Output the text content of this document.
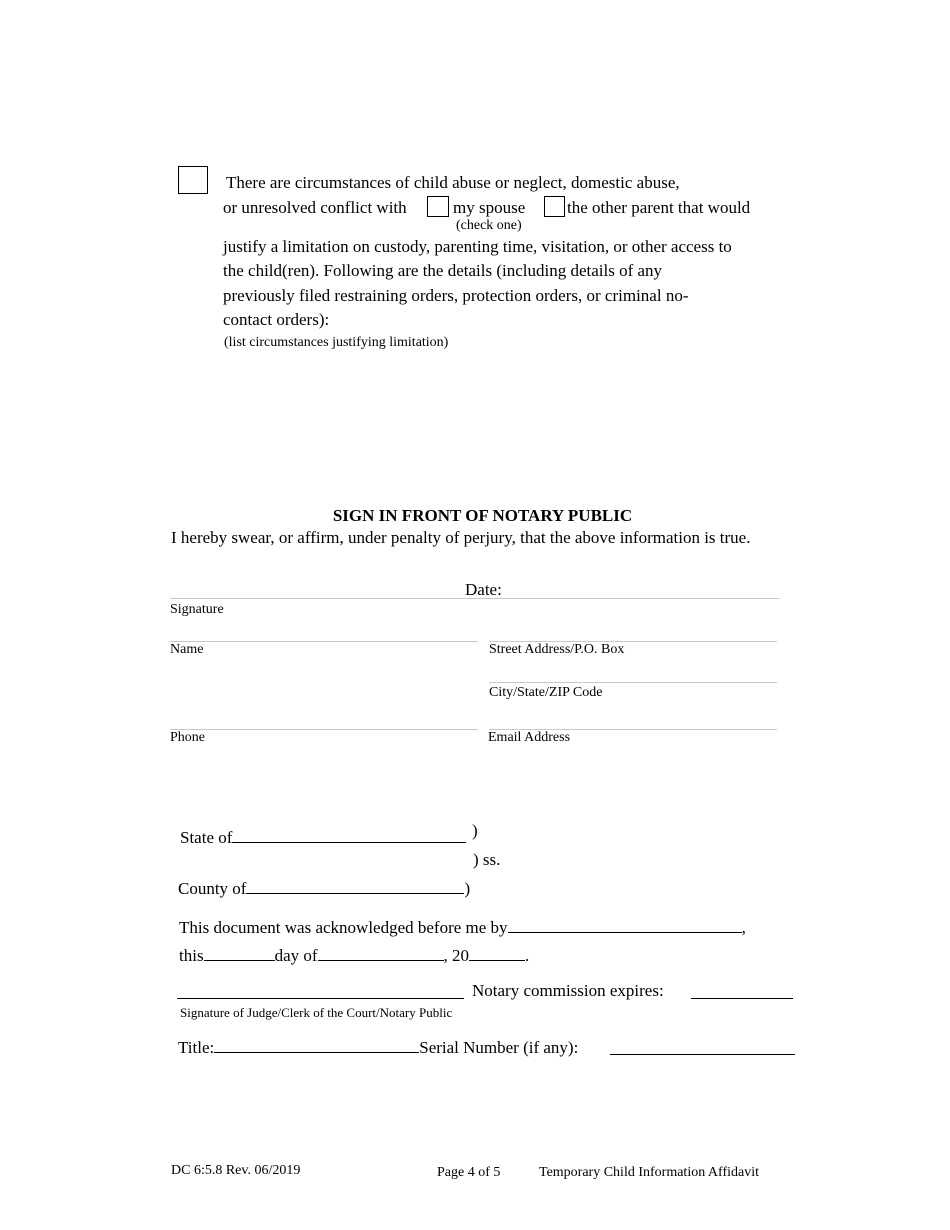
There are circumstances of child abuse or neglect, domestic abuse,
or unresolved conflict with	my spouse the other parent that would
(check one)
justify a limitation on custody, parenting time, visitation, or other access to
the child(ren). Following are the details (including details of any
previously filed restraining orders, protection orders, or criminal no-
contact orders):
(list circumstances justifying limitation)
SIGN IN FRONT OF NOTARY PUBLIC
I hereby swear, or affirm, under penalty of perjury, that the above information is true.
Date:
Signature
Name	Street Address/P.O. Box
City/State/ZIP Code
Phone	Email Address
State of	)
) ss.
County of	)
This document was acknowledged before me by	,
this	day of	, 20	.
Notary commission expires:
Signature of Judge/Clerk of the Court/Notary Public
Title:	Serial Number (if any):
DC 6:5.8 Rev. 06/2019	Page 4 of 5	Temporary Child Information Affidavit
